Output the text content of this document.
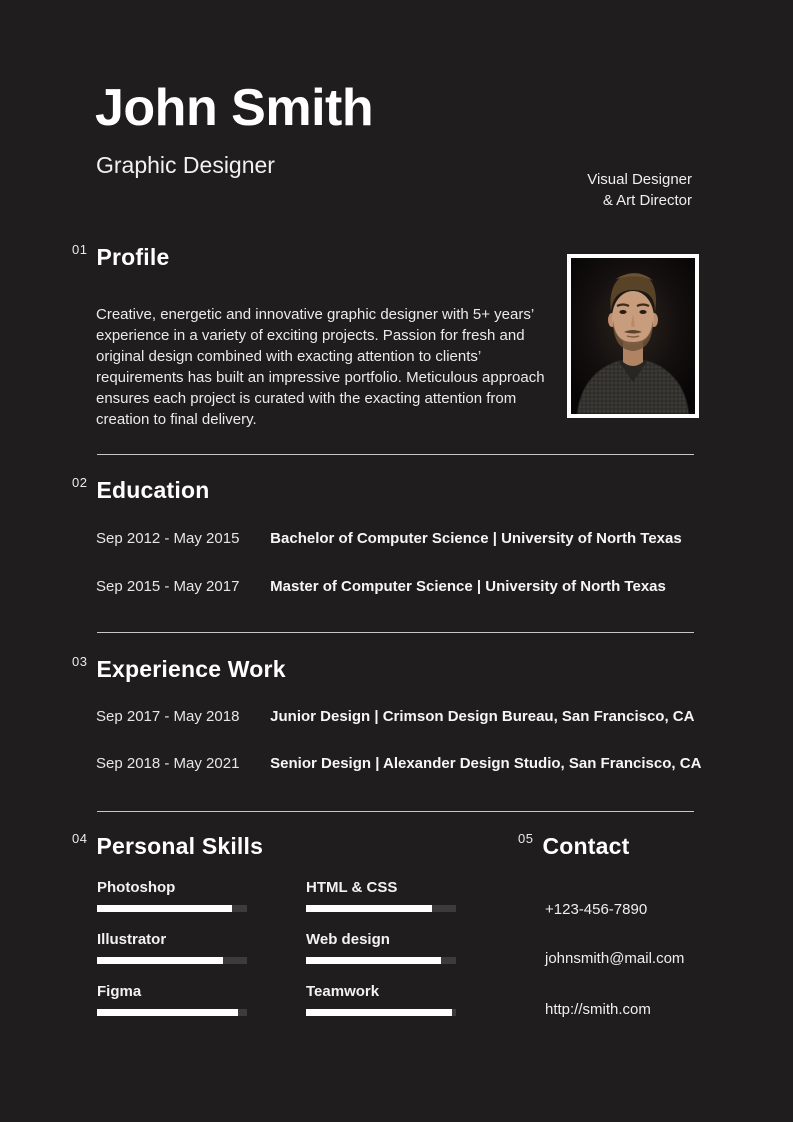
John Smith
Graphic Designer
Visual Designer
& Art Director
01 Profile

Creative, energetic and innovative graphic designer with 5+ years’ experience in a variety of exciting projects. Passion for fresh and original design combined with exacting attention to clients’ requirements has built an impressive portfolio. Meticulous approach ensures each project is curated with the exacting attention from creation to final delivery.

02 Education
Sep 2012 - May 2015 Bachelor of Computer Science | University of North Texas
Sep 2015 - May 2017 Master of Computer Science | University of North Texas
03 Experience Work
Sep 2017 - May 2018 Junior Design | Crimson Design Bureau, San Francisco, CA
Sep 2018 - May 2021 Senior Design | Alexander Design Studio, San Francisco, CA
04 Personal Skills
Photoshop	HTML & CSS
Illustrator	Web design
Figma	Teamwork
05 Contact
+123-456-7890
johnsmith@mail.com
http://smith.com
